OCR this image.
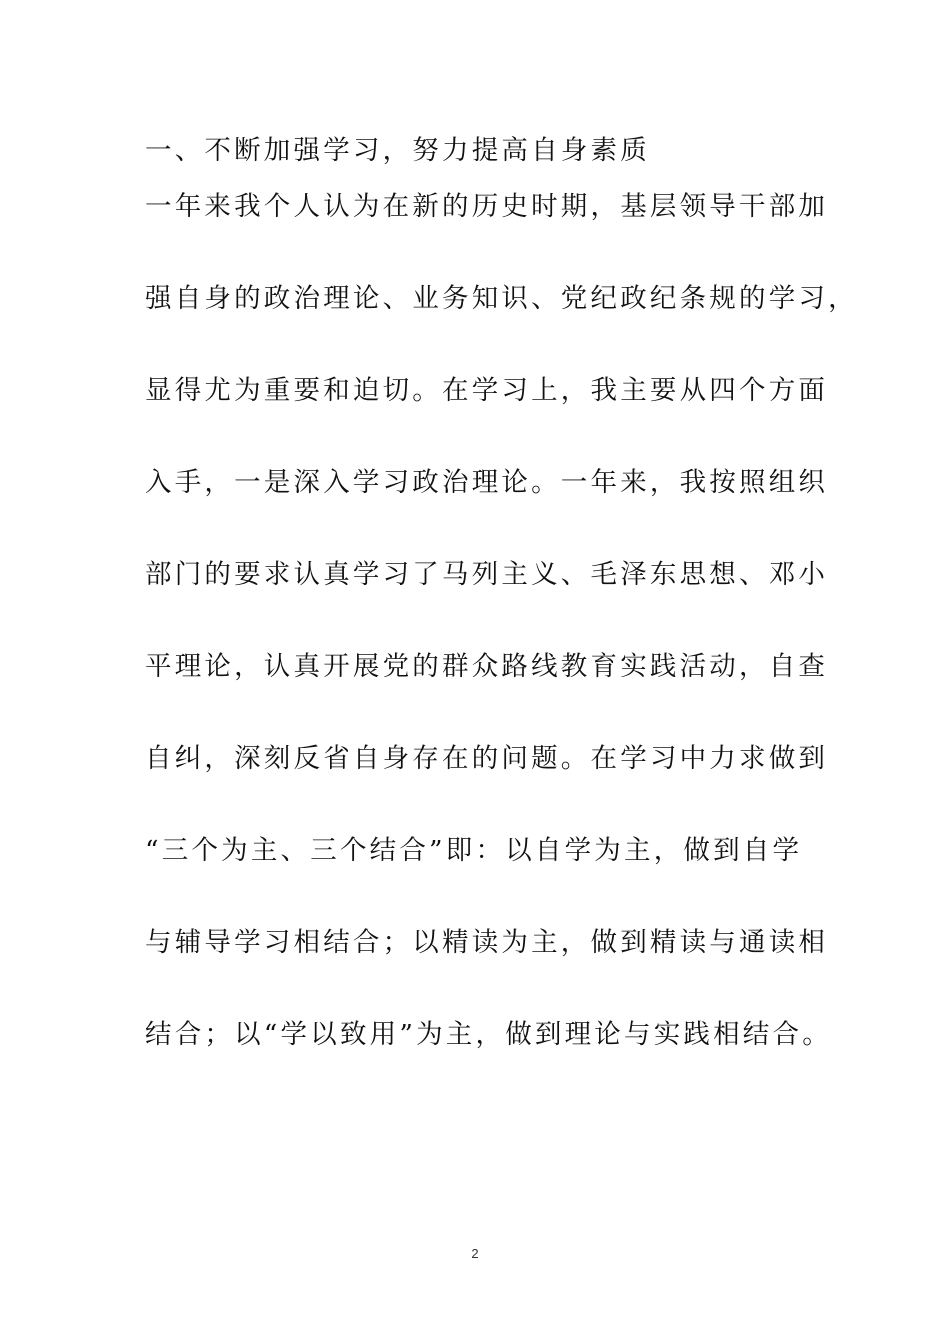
一、不断加强学习，努力提高自身素质
一年来我个人认为在新的历史时期，基层领导干部加
强自身的政治理论、业务知识、党纪政纪条规的学习，
显得尤为重要和迫切。在学习上，我主要从四个方面
入手，一是深入学习政治理论。一年来，我按照组织
部门的要求认真学习了马列主义、毛泽东思想、邓小
平理论，认真开展党的群众路线教育实践活动，自查
自纠，深刻反省自身存在的问题。在学习中力求做到
“三个为主、三个结合”即：以自学为主，做到自学
与辅导学习相结合；以精读为主，做到精读与通读相
结合；以“学以致用”为主，做到理论与实践相结合。
2
